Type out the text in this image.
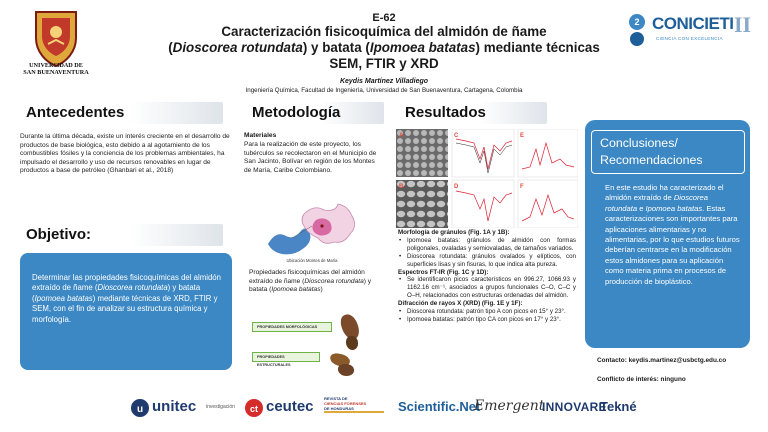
UNIVERSIDAD DE
SAN BUENAVENTURA
E-62
Caracterización fisicoquímica del almidón de ñame
(Dioscorea rotundata) y batata (Ipomoea batatas) mediante técnicas
SEM, FTIR y XRD
Keydis Martínez Villadiego
Ingeniería Química, Facultad de Ingeniería, Universidad de San Buenaventura, Cartagena, Colombia
2 CONICIETI II
CIENCIA CON EXCELENCIA
Antecedentes
Durante la última década, existe un interés creciente en el desarrollo de productos de base biológica, esto debido a al agotamiento de los combustibles fósiles y la conciencia de los problemas ambientales, ha impulsado el desarrollo y uso de recursos renovables en lugar de productos a base de petróleo (Ghanbari et al., 2018)
Objetivo:
Determinar las propiedades fisicoquímicas del almidón extraído de ñame (Dioscorea rotundata) y batata (Ipomoea batatas) mediante técnicas de XRD, FTIR y SEM, con el fin de analizar su estructura química y morfología.
Metodología
Materiales
Para la realización de este proyecto, los tubérculos se recolectaron en el Municipio de San Jacinto, Bolívar en región de los Montes de María, Caribe Colombiano.
Ubicación Montes de María
Propiedades fisicoquímicas del almidón extraído de ñame (Dioscorea rotundata) y batata (Ipomoea batatas)
PROPIEDADES MORFOLÓGICAS
PROPIEDADES ESTRUCTURALES
Resultados
A
B
C
D
E
F
Morfología de gránulos (Fig. 1A y 1B):
• Ipomoea batatas: gránulos de almidón con formas poligonales, ovaladas y semiovaladas, de tamaños variados.
• Dioscorea rotundata: gránulos ovalados y elípticos, con superficies lisas y sin fisuras, lo que indica alta pureza.
Espectros FT-IR (Fig. 1C y 1D):
• Se identificaron picos característicos en 996.27, 1066.93 y 1162.16 cm⁻¹, asociados a grupos funcionales C–O, C–C y O–H, relacionados con estructuras ordenadas del almidón.
Difracción de rayos X (XRD) (Fig. 1E y 1F):
• Dioscorea rotundata: patrón tipo A con picos en 15° y 23°.
• Ipomoea batatas: patrón tipo CA con picos en 17° y 23°.
Conclusiones/
Recomendaciones
En este estudio ha caracterizado el almidón extraído de Dioscorea rotundata e Ipomoea batatas. Estas caracterizaciones son importantes para aplicaciones alimentarias y no alimentarias, por lo que estudios futuros deberían centrarse en la modificación estos almidones para su aplicación como materia prima en procesos de producción de bioplástico.
Contacto: keydis.martinez@usbctg.edu.co
Conflicto de interés: ninguno
u unitec investigación ct ceutec	REVISTA DE
CIENCIAS FORENSES
DE HONDURAS	Scientific.Net
Emergent
INNOVARE
Tekné
